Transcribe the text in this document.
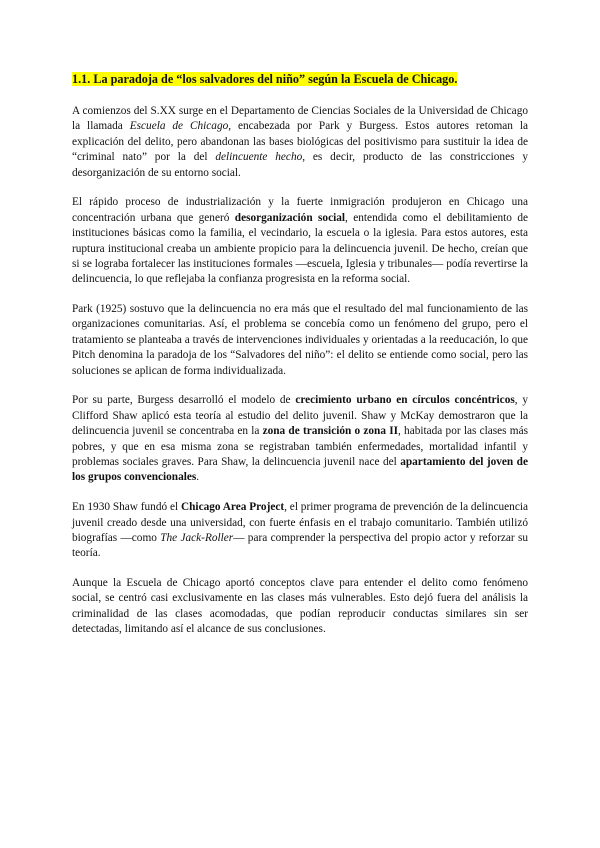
1.1. La paradoja de “los salvadores del niño” según la Escuela de Chicago.

A comienzos del S.XX surge en el Departamento de Ciencias Sociales de la Universidad de Chicago la llamada Escuela de Chicago, encabezada por Park y Burgess. Estos autores retoman la explicación del delito, pero abandonan las bases biológicas del positivismo para sustituir la idea de “criminal nato” por la del delincuente hecho, es decir, producto de las constricciones y desorganización de su entorno social.

El rápido proceso de industrialización y la fuerte inmigración produjeron en Chicago una concentración urbana que generó desorganización social, entendida como el debilitamiento de instituciones básicas como la familia, el vecindario, la escuela o la iglesia. Para estos autores, esta ruptura institucional creaba un ambiente propicio para la delincuencia juvenil. De hecho, creían que si se lograba fortalecer las instituciones formales —escuela, Iglesia y tribunales— podía revertirse la delincuencia, lo que reflejaba la confianza progresista en la reforma social.

Park (1925) sostuvo que la delincuencia no era más que el resultado del mal funcionamiento de las organizaciones comunitarias. Así, el problema se concebía como un fenómeno del grupo, pero el tratamiento se planteaba a través de intervenciones individuales y orientadas a la reeducación, lo que Pitch denomina la paradoja de los “Salvadores del niño”: el delito se entiende como social, pero las soluciones se aplican de forma individualizada.

Por su parte, Burgess desarrolló el modelo de crecimiento urbano en círculos concéntricos, y Clifford Shaw aplicó esta teoría al estudio del delito juvenil. Shaw y McKay demostraron que la delincuencia juvenil se concentraba en la zona de transición o zona II, habitada por las clases más pobres, y que en esa misma zona se registraban también enfermedades, mortalidad infantil y problemas sociales graves. Para Shaw, la delincuencia juvenil nace del apartamiento del joven de los grupos convencionales.

En 1930 Shaw fundó el Chicago Area Project, el primer programa de prevención de la delincuencia juvenil creado desde una universidad, con fuerte énfasis en el trabajo comunitario. También utilizó biografías —como The Jack-Roller— para comprender la perspectiva del propio actor y reforzar su teoría.

Aunque la Escuela de Chicago aportó conceptos clave para entender el delito como fenómeno social, se centró casi exclusivamente en las clases más vulnerables. Esto dejó fuera del análisis la criminalidad de las clases acomodadas, que podían reproducir conductas similares sin ser detectadas, limitando así el alcance de sus conclusiones.
